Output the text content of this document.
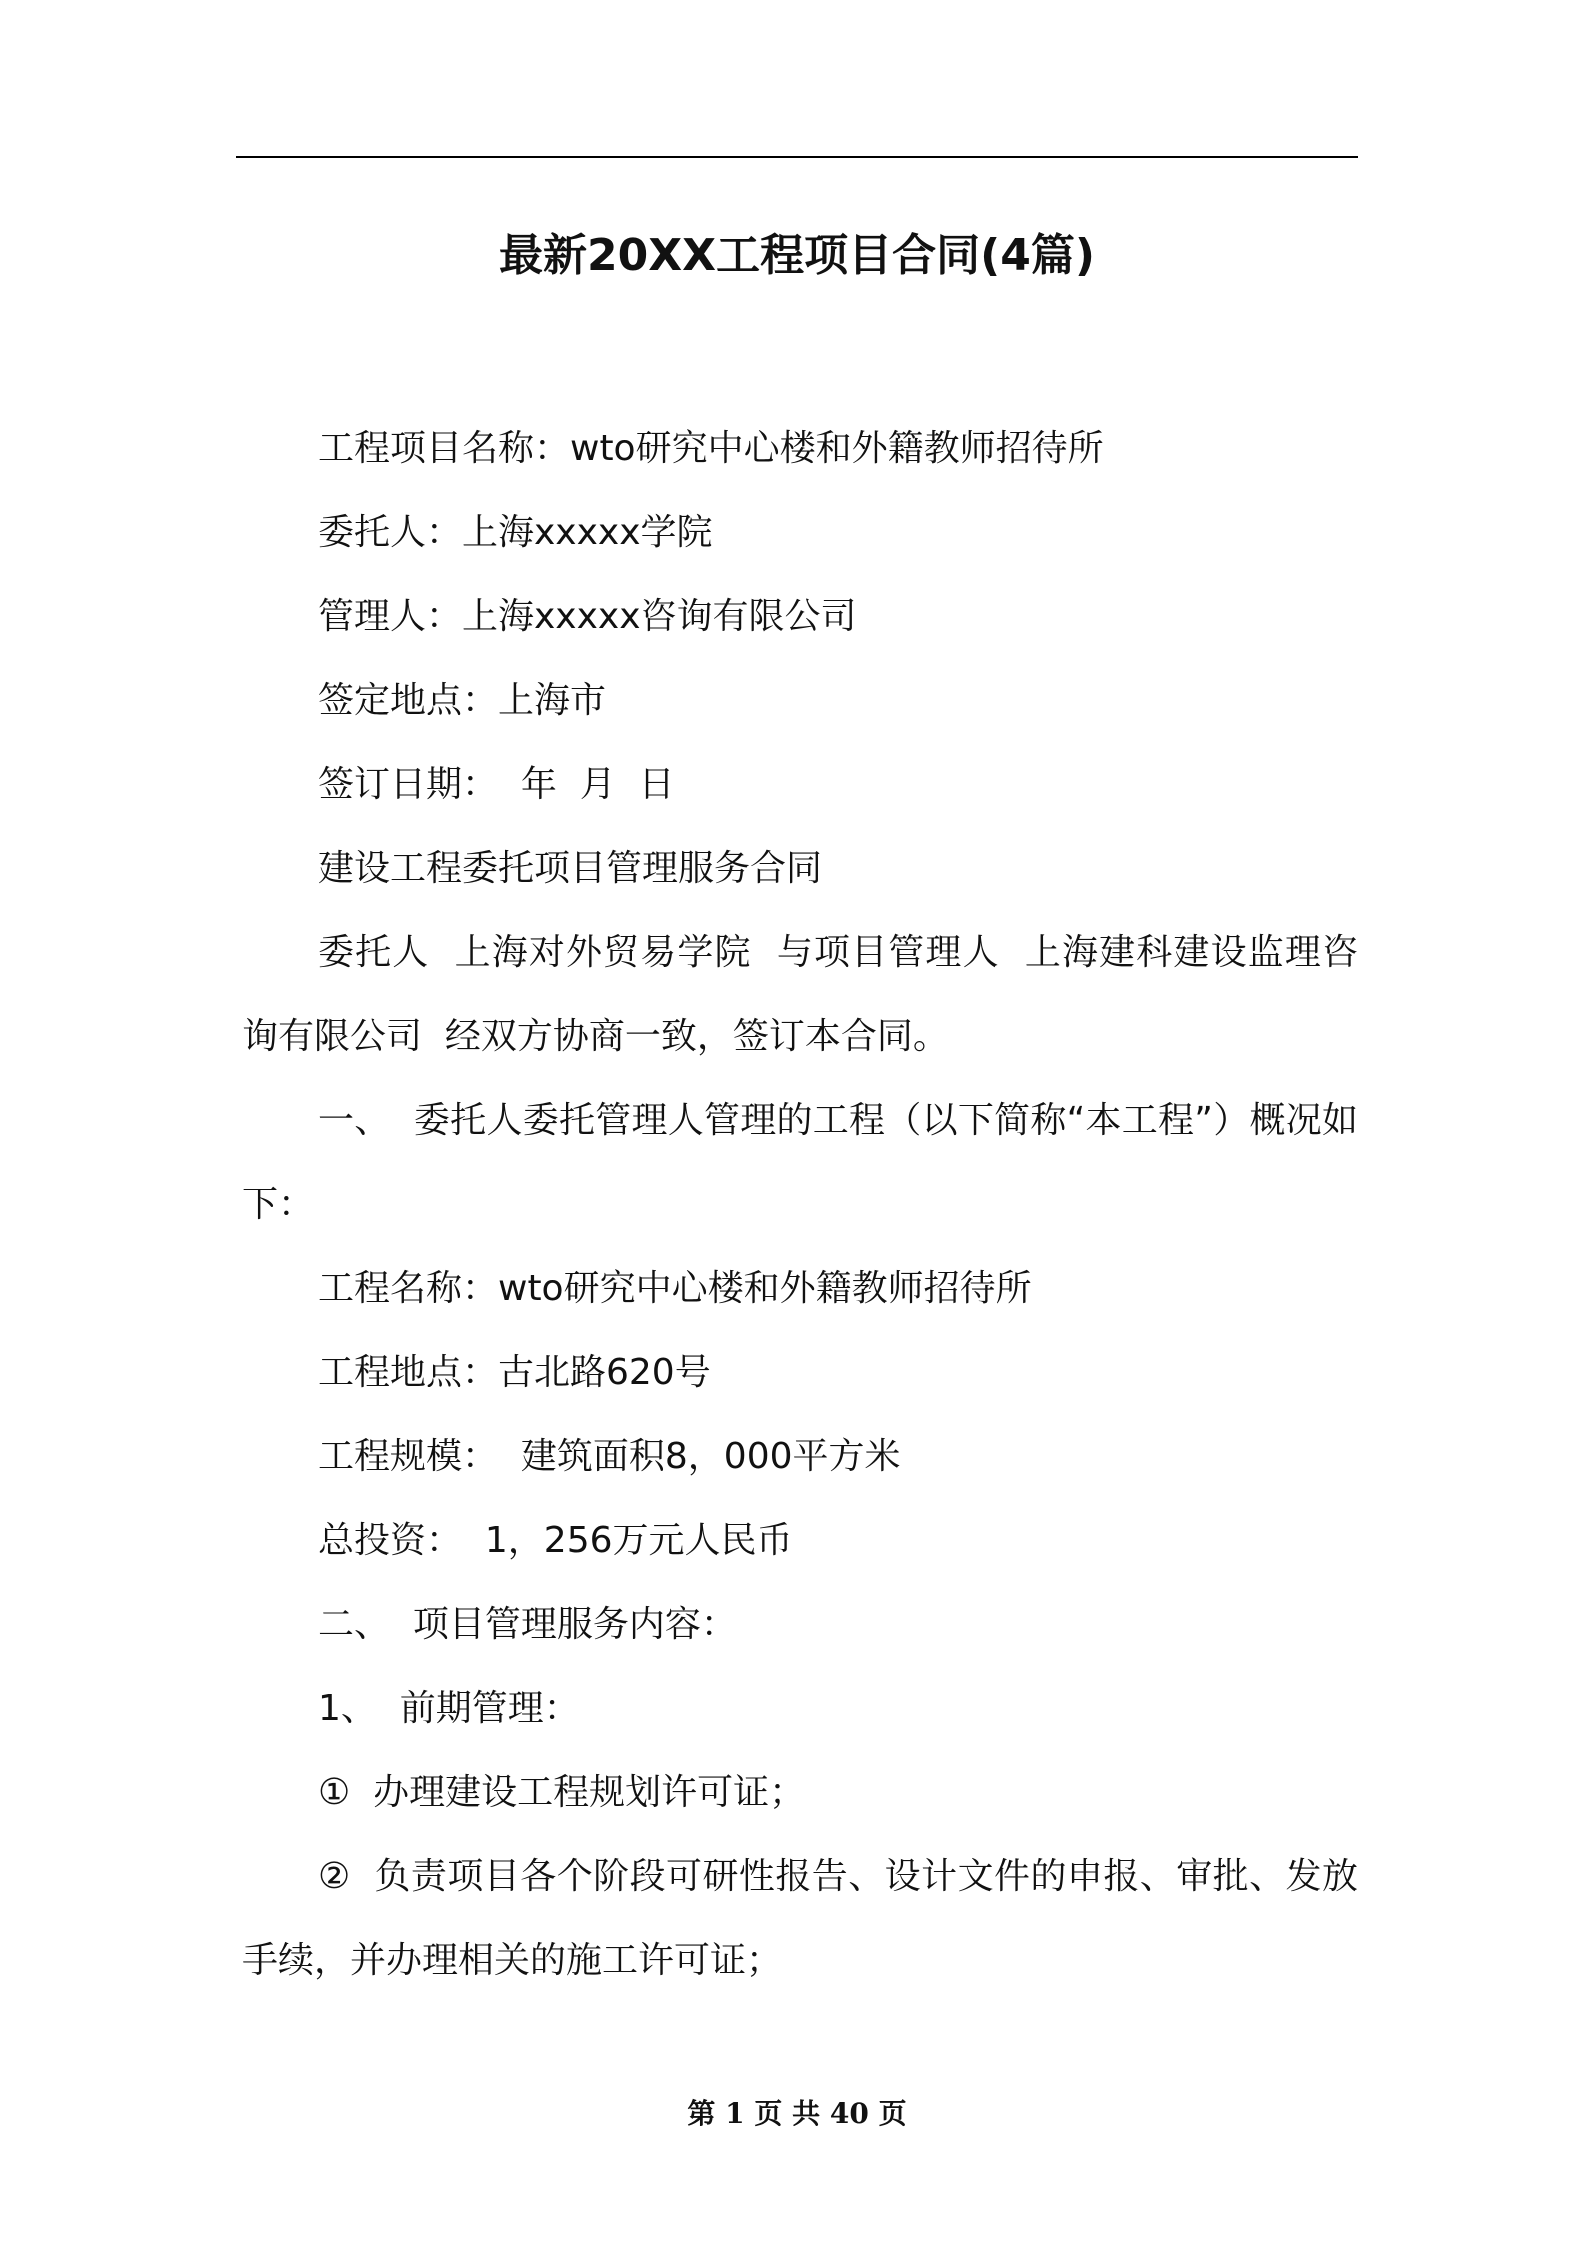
最新20XX工程项目合同(4篇)

工程项目名称：wto研究中心楼和外籍教师招待所

委托人：上海xxxxx学院

管理人：上海xxxxx咨询有限公司

签定地点：上海市

签订日期：  年  月  日

建设工程委托项目管理服务合同

委托人  上海对外贸易学院  与项目管理人  上海建科建设监理咨询有限公司  经双方协商一致，签订本合同。

一、  委托人委托管理人管理的工程（以下简称“本工程”）概况如下：

工程名称：wto研究中心楼和外籍教师招待所

工程地点：古北路620号

工程规模：  建筑面积8，000平方米

总投资：  1，256万元人民币

二、  项目管理服务内容：

1、  前期管理：

①  办理建设工程规划许可证；

②  负责项目各个阶段可研性报告、设计文件的申报、审批、发放手续，并办理相关的施工许可证；

第 1 页 共 40 页
